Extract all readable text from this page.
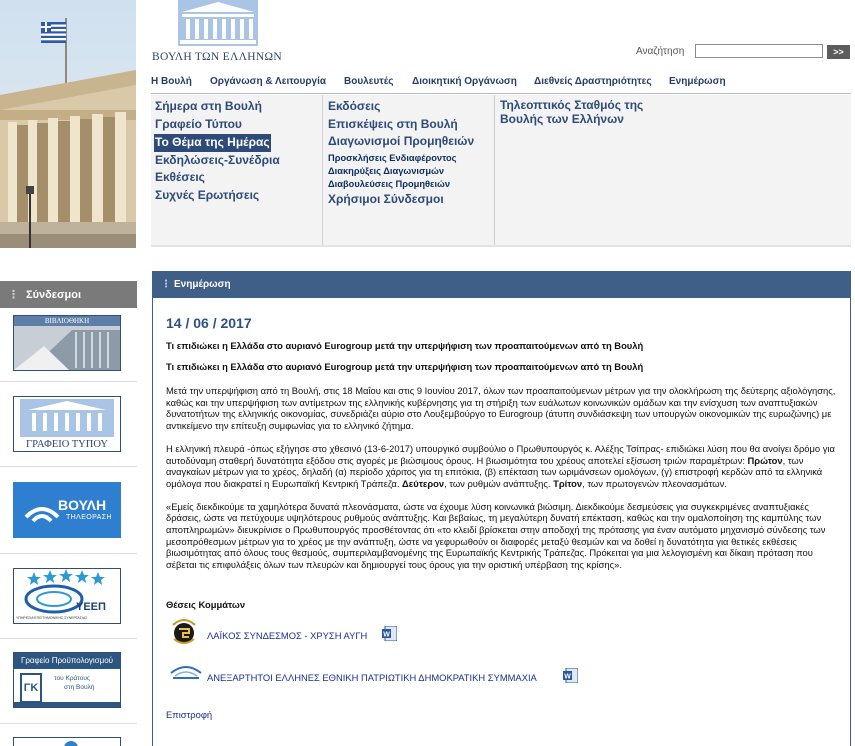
ΒΟΥΛΗ ΤΩΝ ΕΛΛΗΝΩΝ	Αναζήτηση	>>
Η Βουλή Οργάνωση & Λειτουργία Βουλευτές Διοικητική Οργάνωση Διεθνείς Δραστηριότητες Ενημέρωση
Σήμερα στη Βουλή
Γραφείο Τύπου
Το Θέμα της Ημέρας
Εκδηλώσεις-Συνέδρια
Εκθέσεις
Συχνές Ερωτήσεις
Εκδόσεις
Επισκέψεις στη Βουλή
Διαγωνισμοί Προμηθειών
Προσκλήσεις Ενδιαφέροντος
Διακηρύξεις Διαγωνισμών
Διαβουλεύσεις Προμηθειών
Χρήσιμοι Σύνδεσμοι
Τηλεοπτικός Σταθμός της
Βουλής των Ελλήνων
⋮ Σύνδεσμοι
ΒΙΒΛΙΟΘΗΚΗ
ΓΡΑΦΕΙΟ ΤΥΠΟΥ
ΒΟΥΛΗ
ΤΗΛΕΟΡΑΣΗ
ΥΕΕΠ
ΥΠΗΡΕΣΙΑ ΕΠΙΣΤΗΜΟΝΙΚΗΣ ΣΥΝΕΡΓΑΣΙΑΣ
Γραφείο Προϋπολογισμού
ΓΚ
του Κράτους
στη Βουλή
⋮ Ενημέρωση
14 / 06 / 2017
Τι επιδιώκει η Ελλάδα στο αυριανό Eurogroup μετά την υπερψήφιση των προαπαιτούμενων από τη Βουλή
Τι επιδιώκει η Ελλάδα στο αυριανό Eurogroup μετά την υπερψήφιση των προαπαιτούμενων από τη Βουλή
Μετά την υπερψήφιση από τη Βουλή, στις 18 Μαΐου και στις 9 Ιουνίου 2017, όλων των προαπαιτούμενων μέτρων για την ολοκλήρωση της δεύτερης αξιολόγησης, καθώς και την υπερψήφιση των αντίμετρων της ελληνικής κυβέρνησης για τη στήριξη των ευάλωτων κοινωνικών ομάδων και την ενίσχυση των αναπτυξιακών δυνατοτήτων της ελληνικής οικονομίας, συνεδριάζει αύριο στο Λουξεμβούργο το Eurogroup (άτυπη συνδιάσκεψη των υπουργών οικονομικών της ευρωζώνης) με αντικείμενο την επίτευξη συμφωνίας για το ελληνικό ζήτημα.
Η ελληνική πλευρά -όπως εξήγησε στο χθεσινό (13-6-2017) υπουργικό συμβούλιο ο Πρωθυπουργός κ. Αλέξης Τσίπρας- επιδιώκει λύση που θα ανοίγει δρόμο για αυτοδύναμη σταθερή δυνατότητα εξόδου στις αγορές με βιώσιμους όρους. Η βιωσιμότητα του χρέους αποτελεί εξίσωση τριών παραμέτρων: Πρώτον, των αναγκαίων μέτρων για το χρέος, δηλαδή (α) περίοδο χάριτος για τη επιτόκια, (β) επέκταση των ωριμάνσεων ομολόγων, (γ) επιστροφή κερδών από τα ελληνικά ομόλογα που διακρατεί η Ευρωπαϊκή Κεντρική Τράπεζα. Δεύτερον, των ρυθμών ανάπτυξης. Τρίτον, των πρωτογενών πλεονασμάτων.
«Εμείς διεκδικούμε τα χαμηλότερα δυνατά πλεονάσματα, ώστε να έχουμε λύση κοινωνικά βιώσιμη. Διεκδικούμε δεσμεύσεις για συγκεκριμένες αναπτυξιακές δράσεις, ώστε να πετύχουμε υψηλότερους ρυθμούς ανάπτυξης. Και βεβαίως, τη μεγαλύτερη δυνατή επέκταση, καθώς και την ομαλοποίηση της καμπύλης των αποπληρωμών» διευκρίνισε ο Πρωθυπουργός προσθέτοντας ότι «το κλειδί βρίσκεται στην αποδοχή της πρότασης για έναν αυτόματο μηχανισμό σύνδεσης των μεσοπρόθεσμων μέτρων για το χρέος με την ανάπτυξη, ώστε να γεφυρωθούν οι διαφορές μεταξύ θεσμών και να δοθεί η δυνατότητα για θετικές εκθέσεις βιωσιμότητας από όλους τους θεσμούς, συμπεριλαμβανομένης της Ευρωπαϊκής Κεντρικής Τράπεζας. Πρόκειται για μια λελογισμένη και δίκαιη πρόταση που σέβεται τις επιφυλάξεις όλων των πλευρών και δημιουργεί τους όρους για την οριστική υπέρβαση της κρίσης».
Θέσεις Κομμάτων
ΛΑΪΚΟΣ ΣΥΝΔΕΣΜΟΣ - ΧΡΥΣΗ ΑΥΓΗ W
ΑΝΕΞΑΡΤΗΤΟΙ ΕΛΛΗΝΕΣ ΕΘΝΙΚΗ ΠΑΤΡΙΩΤΙΚΗ ΔΗΜΟΚΡΑΤΙΚΗ ΣΥΜΜΑΧΙΑ	W
Επιστροφή
